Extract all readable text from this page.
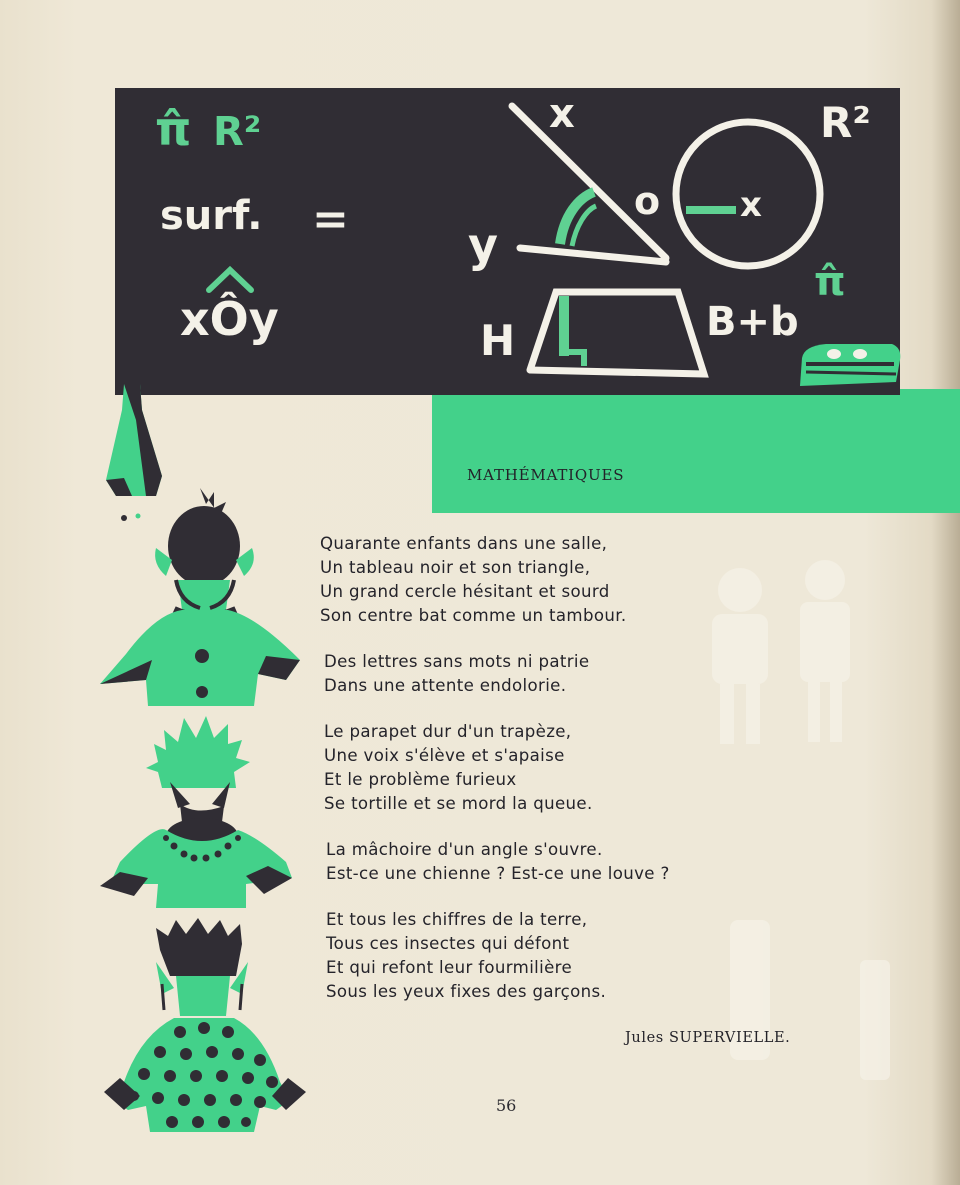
π̂ R²
surf. =
xÔy
x
o
y
x
R²
H	B+b
π̂
MATHÉMATIQUES
Quarante enfants dans une salle,
Un tableau noir et son triangle,
Un grand cercle hésitant et sourd
Son centre bat comme un tambour.
Des lettres sans mots ni patrie
Dans une attente endolorie.
Le parapet dur d'un trapèze,
Une voix s'élève et s'apaise
Et le problème furieux
Se tortille et se mord la queue.
La mâchoire d'un angle s'ouvre.
Est-ce une chienne ? Est-ce une louve ?
Et tous les chiffres de la terre,
Tous ces insectes qui défont
Et qui refont leur fourmilière
Sous les yeux fixes des garçons.
Jules SUPERVIELLE.
56
